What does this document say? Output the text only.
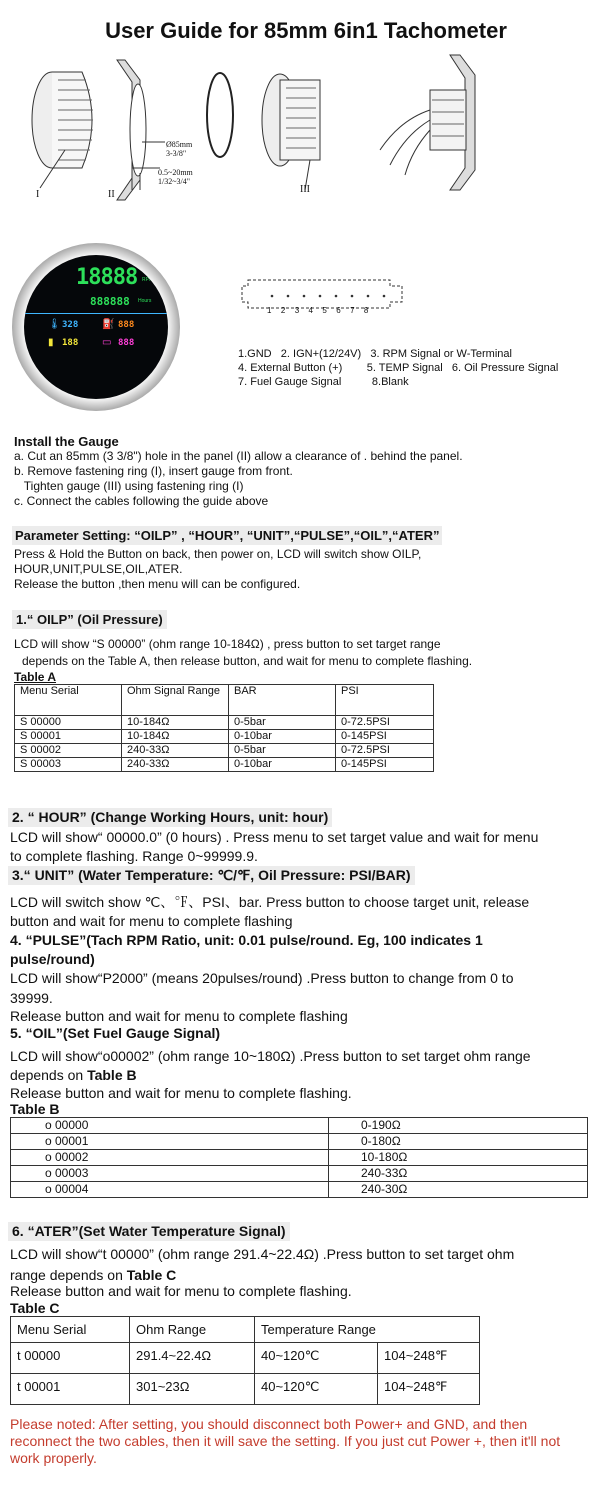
User Guide for 85mm 6in1 Tachometer
I	II	III
Ø85mm
3-3/8"
0.5~20mm
1/32~3/4"
18888 RPM
888888 Hours
🌡 328 ⛽ 888
▮ 188 ▭ 888
1 2 3 4 5 6 7 8
1.GND   2. IGN+(12/24V)   3. RPM Signal or W-Terminal
4. External Button (+)        5. TEMP Signal   6. Oil Pressure Signal
7. Fuel Gauge Signal          8.Blank
Install the Gauge
a. Cut an 85mm (3 3/8") hole in the panel (II) allow a clearance of . behind the panel.
b. Remove fastening ring (I), insert gauge from front.
Tighten gauge (III) using fastening ring (I)
c. Connect the cables following the guide above
Parameter Setting: “OILP” , “HOUR”, “UNIT”,“PULSE”,“OIL”,“ATER”
Press & Hold the Button on back, then power on, LCD will switch show OILP,
HOUR,UNIT,PULSE,OIL,ATER.
Release the button ,then menu will can be configured.
1.“ OILP” (Oil Pressure)
LCD will show “S 00000” (ohm range 10-184Ω) , press button to set target range
depends on the Table A, then release button, and wait for menu to complete flashing.
Table A
Menu Serial	Ohm Signal Range	BAR	PSI
S 00000	10-184Ω	0-5bar	0-72.5PSI
S 00001	10-184Ω	0-10bar	0-145PSI
S 00002	240-33Ω	0-5bar	0-72.5PSI
S 00003	240-33Ω	0-10bar	0-145PSI
2. “ HOUR” (Change Working Hours, unit: hour)
LCD will show“ 00000.0” (0 hours) . Press menu to set target value and wait for menu
to complete flashing. Range 0~99999.9.
3.“ UNIT” (Water Temperature: ℃/℉, Oil Pressure: PSI/BAR)
LCD will switch show ℃、℉、PSI、bar. Press button to choose target unit, release
button and wait for menu to complete flashing
4. “PULSE”(Tach RPM Ratio, unit: 0.01 pulse/round. Eg, 100 indicates 1
pulse/round)
LCD will show“P2000” (means 20pulses/round) .Press button to change from 0 to
39999.
Release button and wait for menu to complete flashing
5. “OIL”(Set Fuel Gauge Signal)
LCD will show“o00002” (ohm range 10~180Ω) .Press button to set target ohm range
depends on Table B
Release button and wait for menu to complete flashing.
Table B
o 00000	0-190Ω
o 00001	0-180Ω
o 00002	10-180Ω
o 00003	240-33Ω
o 00004	240-30Ω
6. “ATER”(Set Water Temperature Signal)
LCD will show“t 00000” (ohm range 291.4~22.4Ω) .Press button to set target ohm
range depends on Table C
Release button and wait for menu to complete flashing.
Table C
Menu Serial	Ohm Range	Temperature Range	
t 00000	291.4~22.4Ω	40~120℃	104~248℉
t 00001	301~23Ω	40~120℃	104~248℉
Please noted: After setting, you should disconnect both Power+ and GND, and then reconnect the two cables, then it will save the setting. If you just cut Power +, then it'll not work properly.
